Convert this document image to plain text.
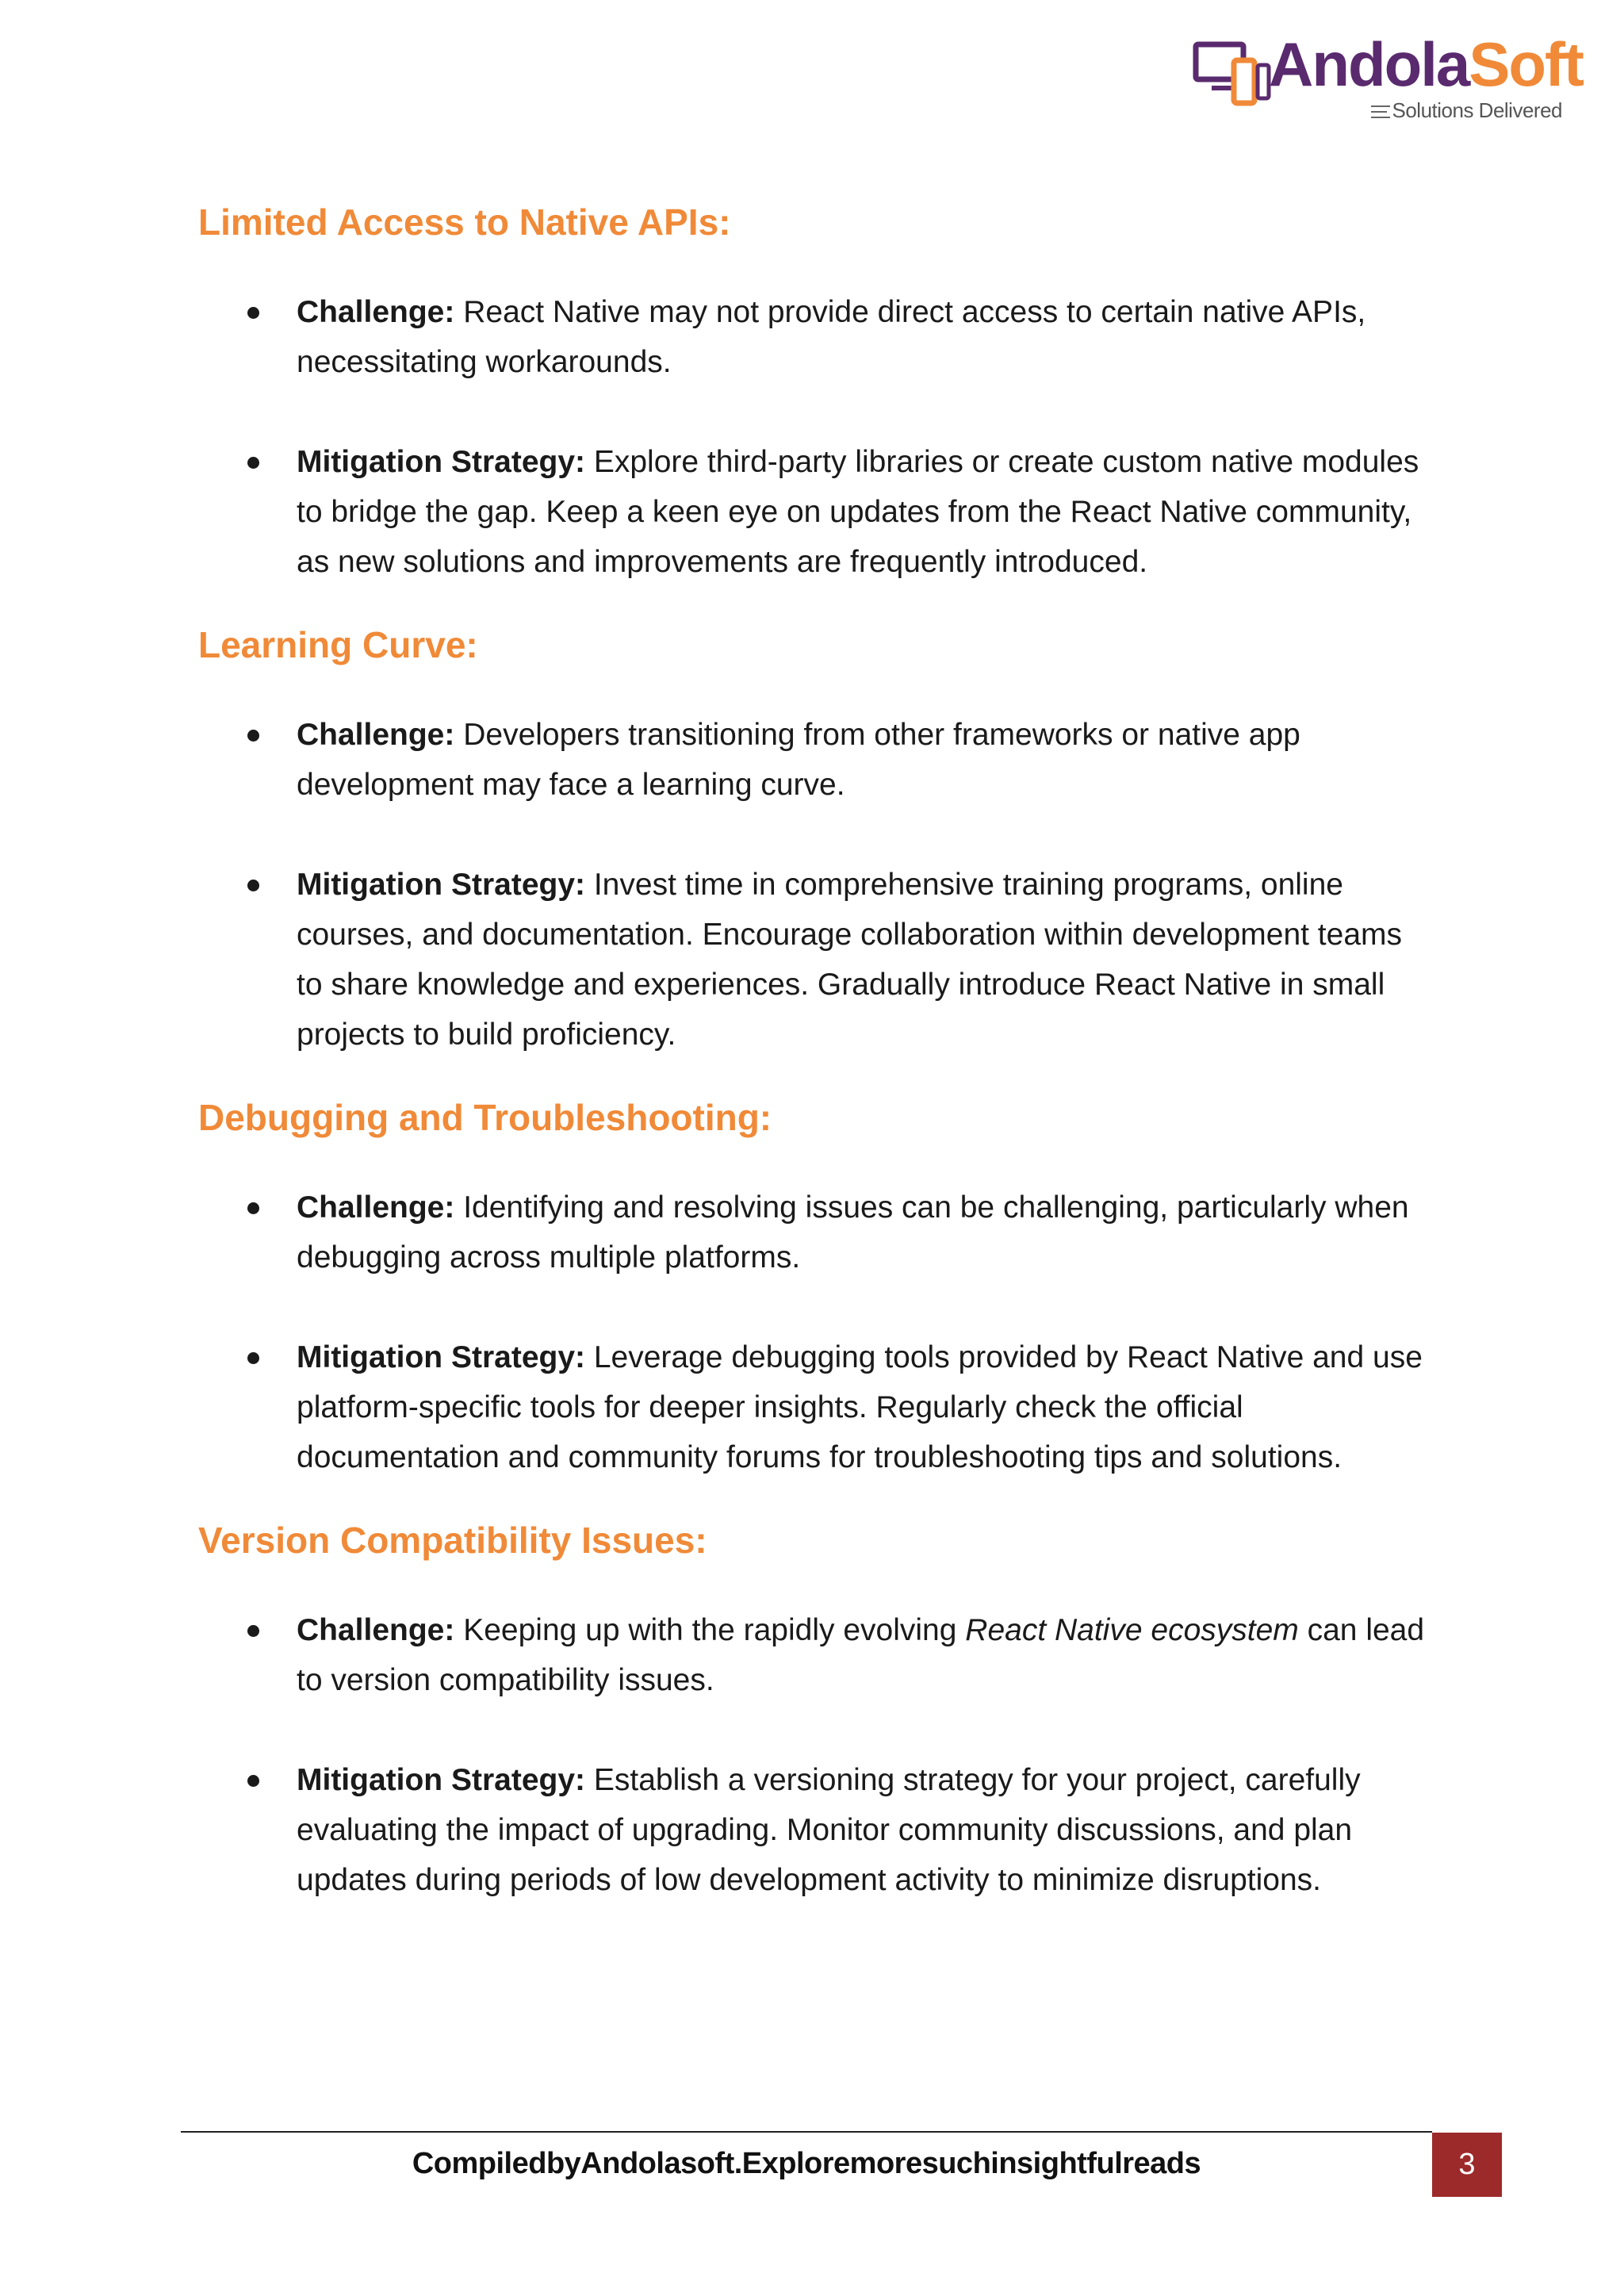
AndolaSoft
Solutions Delivered
Limited Access to Native APIs:
Challenge: React Native may not provide direct access to certain native APIs, necessitating workarounds.
Mitigation Strategy: Explore third-party libraries or create custom native modules to bridge the gap. Keep a keen eye on updates from the React Native community, as new solutions and improvements are frequently introduced.
Learning Curve:
Challenge: Developers transitioning from other frameworks or native app development may face a learning curve.
Mitigation Strategy: Invest time in comprehensive training programs, online courses, and documentation. Encourage collaboration within development teams to share knowledge and experiences. Gradually introduce React Native in small projects to build proficiency.
Debugging and Troubleshooting:
Challenge: Identifying and resolving issues can be challenging, particularly when debugging across multiple platforms.
Mitigation Strategy: Leverage debugging tools provided by React Native and use platform-specific tools for deeper insights. Regularly check the official documentation and community forums for troubleshooting tips and solutions.
Version Compatibility Issues:
Challenge: Keeping up with the rapidly evolving React Native ecosystem can lead to version compatibility issues.
Mitigation Strategy: Establish a versioning strategy for your project, carefully evaluating the impact of upgrading. Monitor community discussions, and plan updates during periods of low development activity to minimize disruptions.
CompiledbyAndolasoft.Exploremoresuchinsightfulreads	3
